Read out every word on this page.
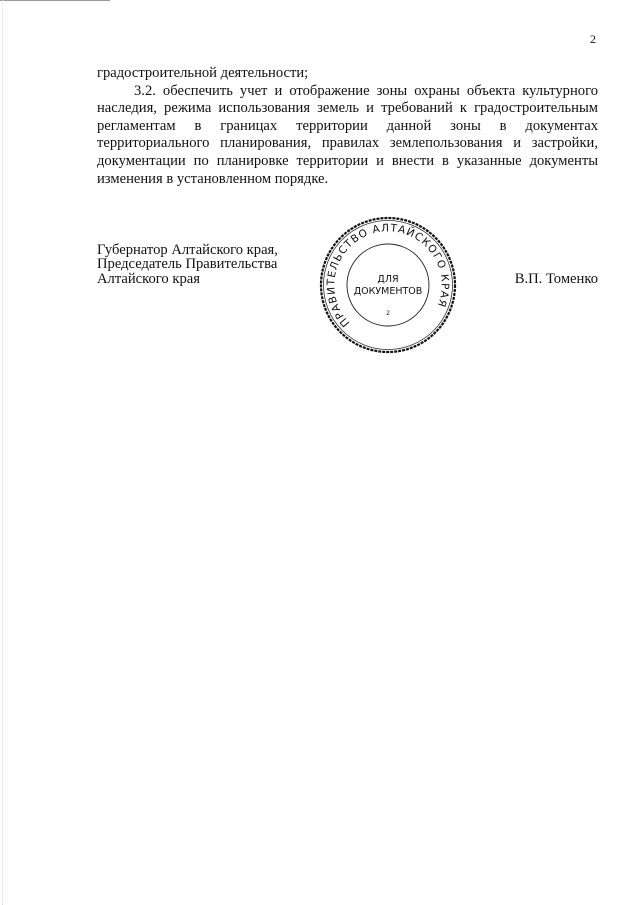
2
градостроительной деятельности;
3.2. обеспечить учет и отображение зоны охраны объекта культурного
наследия, режима использования земель и требований к градостроительным
регламентам в границах территории данной зоны в документах
территориального планирования, правилах землепользования и застройки,
документации по планировке территории и внести в указанные документы
изменения в установленном порядке.
Губернатор Алтайского края,
Председатель Правительства
Алтайского края	В.П. Томенко
ПРАВИТЕЛЬСТВО АЛТАЙСКОГО КРАЯ
ДЛЯ
ДОКУМЕНТОВ
2
